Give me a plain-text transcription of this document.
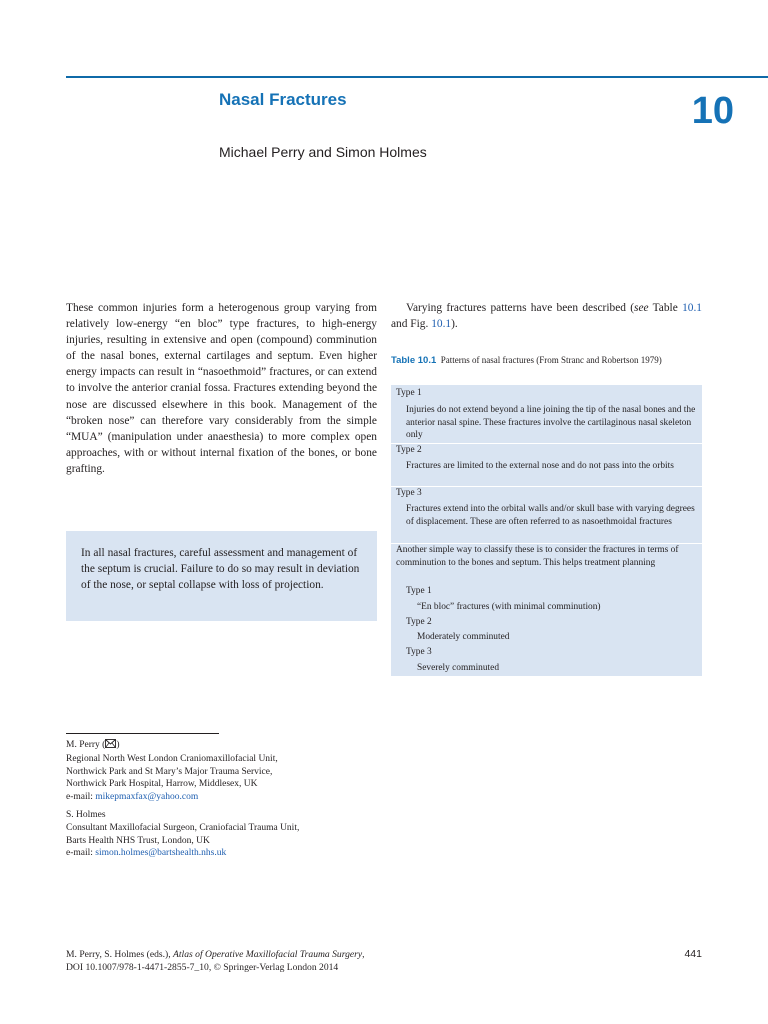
Nasal Fractures	10
Michael Perry and Simon Holmes

These common injuries form a heterogenous group varying from relatively low-energy “en bloc” type fractures, to high-energy injuries, resulting in extensive and open (compound) comminution of the nasal bones, external cartilages and septum. Even higher energy impacts can result in “nasoethmoid” fractures, or can extend to involve the anterior cranial fossa. Fractures extending beyond the nose are discussed elsewhere in this book. Management of the “broken nose” can therefore vary considerably from the simple “MUA” (manipulation under anaesthesia) to more complex open approaches, with or without internal fixation of the bones, or bone grafting.

In all nasal fractures, careful assessment and management of the septum is crucial. Failure to do so may result in deviation of the nose, or septal collapse with loss of projection.

Varying fractures patterns have been described (see Table 10.1 and Fig. 10.1).

Table 10.1 Patterns of nasal fractures (From Stranc and Robertson 1979)

Type 1
Injuries do not extend beyond a line joining the tip of the nasal bones and the anterior nasal spine. These fractures involve the cartilaginous nasal skeleton only
Type 2
Fractures are limited to the external nose and do not pass into the orbits
Type 3
Fractures extend into the orbital walls and/or skull base with varying degrees of displacement. These are often referred to as nasoethmoidal fractures
Another simple way to classify these is to consider the fractures in terms of comminution to the bones and septum. This helps treatment planning
Type 1
“En bloc” fractures (with minimal comminution)
Type 2
Moderately comminuted
Type 3
Severely comminuted

M. Perry ( )
Regional North West London Craniomaxillofacial Unit,
Northwick Park and St Mary’s Major Trauma Service,
Northwick Park Hospital, Harrow, Middlesex, UK
e-mail: mikepmaxfax@yahoo.com

S. Holmes
Consultant Maxillofacial Surgeon, Craniofacial Trauma Unit,
Barts Health NHS Trust, London, UK
e-mail: simon.holmes@bartshealth.nhs.uk

M. Perry, S. Holmes (eds.), Atlas of Operative Maxillofacial Trauma Surgery,
DOI 10.1007/978-1-4471-2855-7_10, © Springer-Verlag London 2014

441
